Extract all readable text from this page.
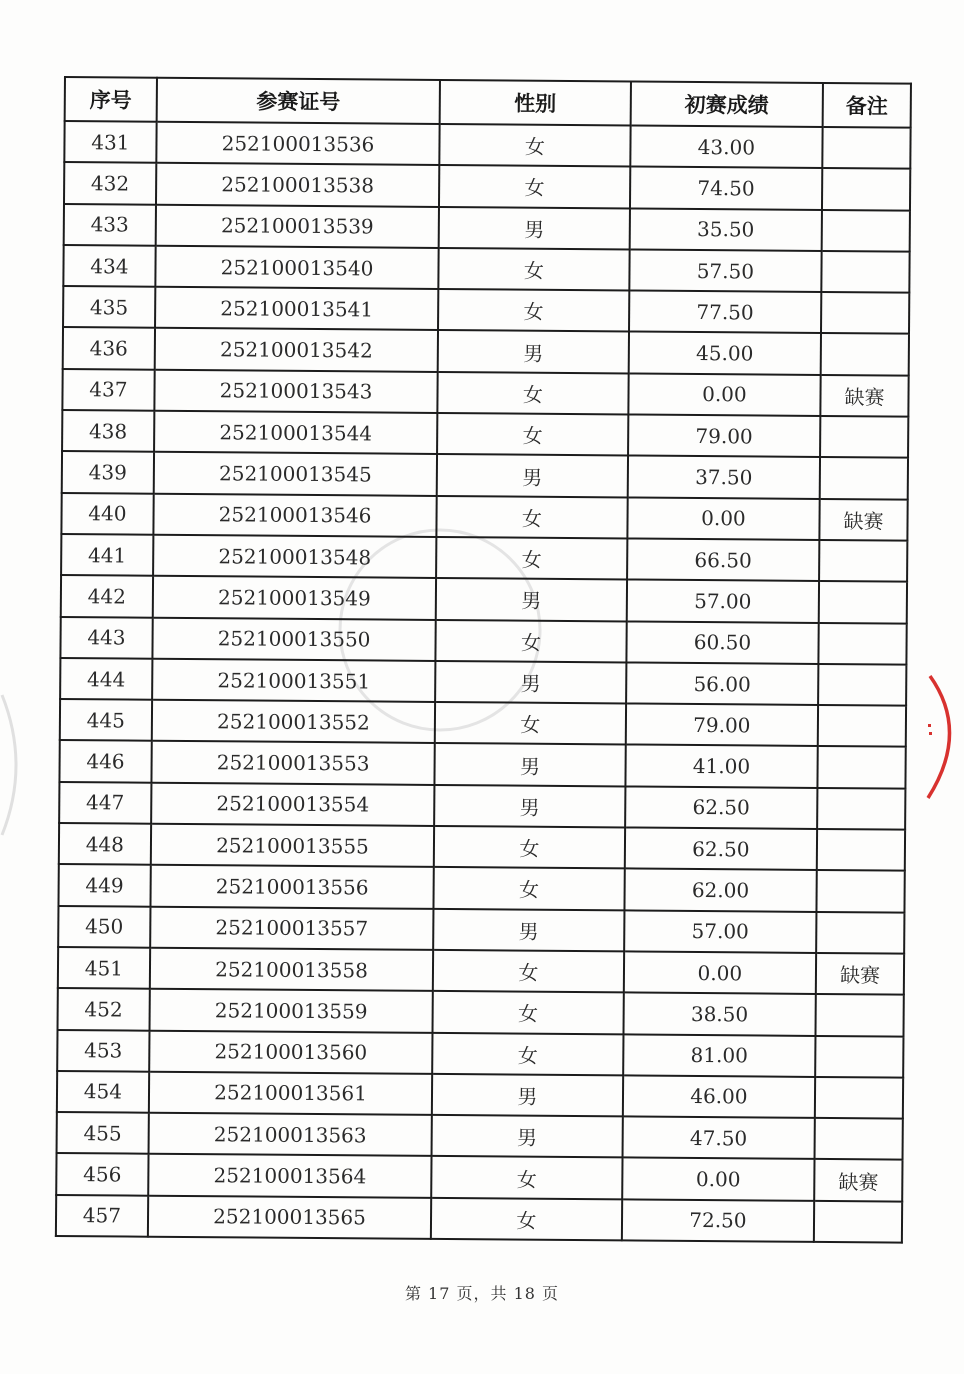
序号	参赛证号	性别	初赛成绩	备注
431	252100013536	女	43.00	
432	252100013538	女	74.50	
433	252100013539	男	35.50	
434	252100013540	女	57.50	
435	252100013541	女	77.50	
436	252100013542	男	45.00	
437	252100013543	女	0.00	缺赛
438	252100013544	女	79.00	
439	252100013545	男	37.50	
440	252100013546	女	0.00	缺赛
441	252100013548	女	66.50	
442	252100013549	男	57.00	
443	252100013550	女	60.50	
444	252100013551	男	56.00	
445	252100013552	女	79.00	
446	252100013553	男	41.00	
447	252100013554	男	62.50	
448	252100013555	女	62.50	
449	252100013556	女	62.00	
450	252100013557	男	57.00	
451	252100013558	女	0.00	缺赛
452	252100013559	女	38.50	
453	252100013560	女	81.00	
454	252100013561	男	46.00	
455	252100013563	男	47.50	
456	252100013564	女	0.00	缺赛
457	252100013565	女	72.50	
第 17 页，共 18 页
